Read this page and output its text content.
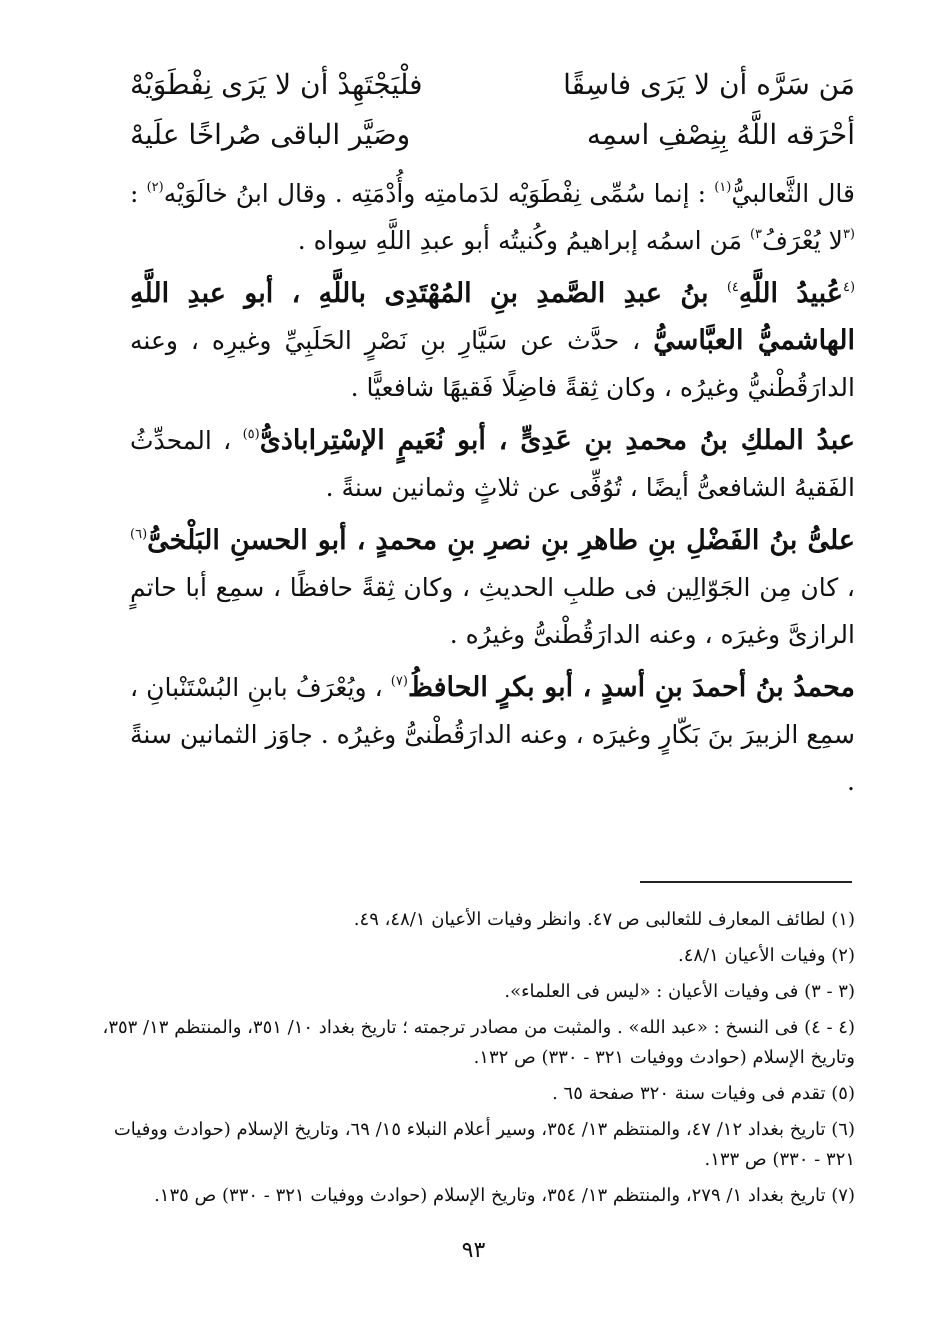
مَن سَرَّه أن لا يَرَى فاسِقًا
فلْيَجْتَهِدْ أن لا يَرَى نِفْطَوَيْهْ
أحْرَقه اللَّهُ بِنِصْفِ اسمِه
وصَيَّر الباقى صُراخًا علَيهْ

قال الثَّعالبيُّ$^{(١)}$ : إنما سُمِّى نِفْطَوَيْه لدَمامتِه وأُدْمَتِه . وقال ابنُ خالَوَيْه$^{(٢)}$ : $^{(٣}$لا يُعْرَفُ$^{٣)}$ مَن اسمُه إبراهيمُ وكُنيتُه أبو عبدِ اللَّهِ سِواه .

$^{(٤}$عُبيدُ اللَّهِ$^{٤)}$ بنُ عبدِ الصَّمدِ بنِ المُهْتَدِى باللَّهِ ، أبو عبدِ اللَّهِ الهاشميُّ العبَّاسيُّ ، حدَّث عن سَيَّارِ بنِ نَصْرٍ الحَلَبِيِّ وغيرِه ، وعنه الدارَقُطْنيُّ وغيرُه ، وكان ثِقةً فاضِلًا فَقيهًا شافعيًّا .

عبدُ الملكِ بنُ محمدِ بنِ عَدِىٍّ ، أبو نُعَيمٍ الإسْتِراباذىُّ$^{(٥)}$ ، المحدِّثُ الفَقيهُ الشافعىُّ أيضًا ، تُوُفِّى عن ثلاثٍ وثمانين سنةً .

علىُّ بنُ الفَضْلِ بنِ طاهرِ بنِ نصرِ بنِ محمدٍ ، أبو الحسنِ البَلْخىُّ$^{(٦)}$ ، كان مِن الجَوّالِين فى طلبِ الحديثِ ، وكان ثِقةً حافظًا ، سمِع أبا حاتمٍ الرازىَّ وغيرَه ، وعنه الدارَقُطْنىُّ وغيرُه .

محمدُ بنُ أحمدَ بنِ أسدٍ ، أبو بكرٍ الحافظُ$^{(٧)}$ ، ويُعْرَفُ بابنِ البُسْتَنْبانِ ، سمِع الزبيرَ بنَ بَكّارٍ وغيرَه ، وعنه الدارَقُطْنىُّ وغيرُه . جاوَز الثمانين سنةً .

(١) لطائف المعارف للثعالبى ص ٤٧. وانظر وفيات الأعيان ٤٨/١، ٤٩.

(٢) وفيات الأعيان ٤٨/١.

(٣ - ٣) فى وفيات الأعيان : «ليس فى العلماء».

(٤ - ٤) فى النسخ : «عبد الله» . والمثبت من مصادر ترجمته ؛ تاريخ بغداد ١٠/ ٣٥١، والمنتظم ١٣/ ٣٥٣، وتاريخ الإسلام (حوادث ووفيات ٣٢١ - ٣٣٠) ص ١٣٢.

(٥) تقدم فى وفيات سنة ٣٢٠ صفحة ٦٥ .

(٦) تاريخ بغداد ١٢/ ٤٧، والمنتظم ١٣/ ٣٥٤، وسير أعلام النبلاء ١٥/ ٦٩، وتاريخ الإسلام (حوادث ووفيات ٣٢١ - ٣٣٠) ص ١٣٣.

(٧) تاريخ بغداد ١/ ٢٧٩، والمنتظم ١٣/ ٣٥٤، وتاريخ الإسلام (حوادث ووفيات ٣٢١ - ٣٣٠) ص ١٣٥.

٩٣
